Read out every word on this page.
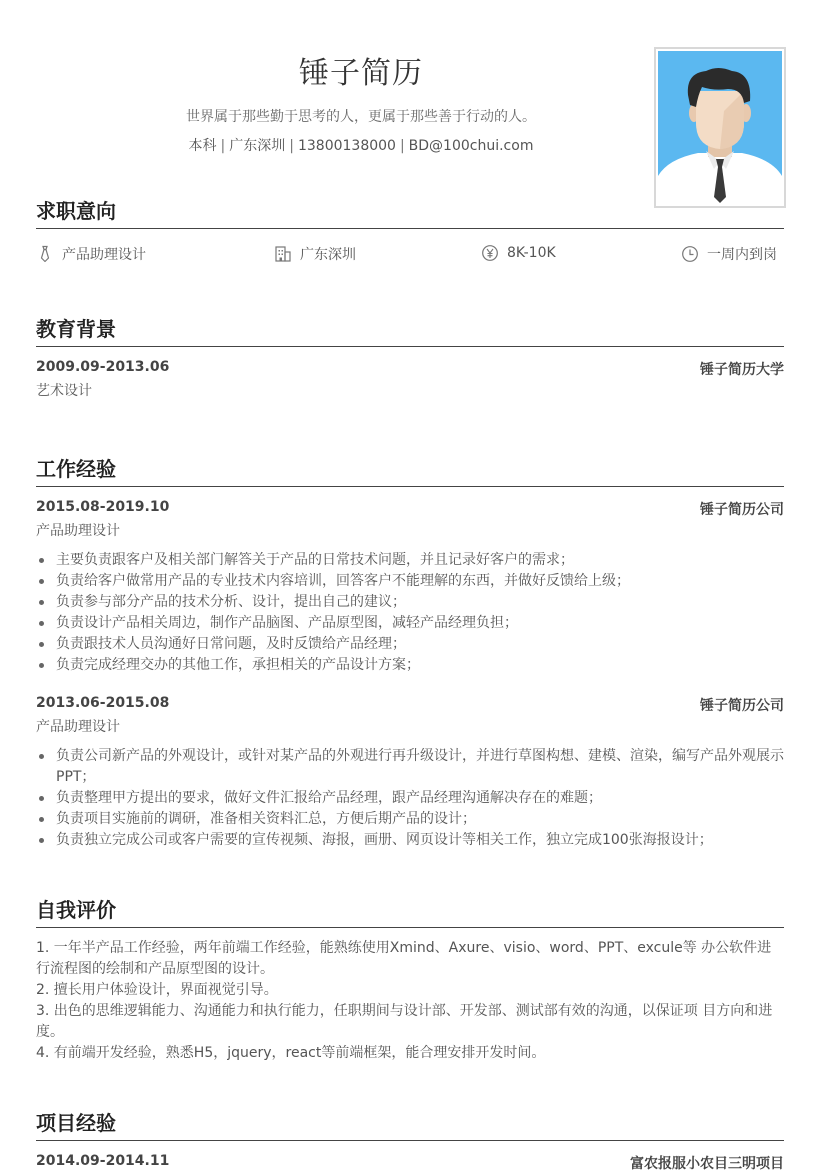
锤子简历
世界属于那些勤于思考的人，更属于那些善于行动的人。
本科 | 广东深圳 | 13800138000 | BD@100chui.com
求职意向
产品助理设计	广东深圳	8K-10K	一周内到岗
教育背景
2009.09-2013.06	锤子简历大学
艺术设计
工作经验
2015.08-2019.10	锤子简历公司
产品助理设计
主要负责跟客户及相关部门解答关于产品的日常技术问题，并且记录好客户的需求；
负责给客户做常用产品的专业技术内容培训，回答客户不能理解的东西，并做好反馈给上级；
负责参与部分产品的技术分析、设计，提出自己的建议；
负责设计产品相关周边，制作产品脑图、产品原型图，减轻产品经理负担；
负责跟技术人员沟通好日常问题，及时反馈给产品经理；
负责完成经理交办的其他工作，承担相关的产品设计方案；
2013.06-2015.08	锤子简历公司
产品助理设计
负责公司新产品的外观设计，或针对某产品的外观进行再升级设计，并进行草图构想、建模、渲染，编写产品外观展示PPT；
负责整理甲方提出的要求，做好文件汇报给产品经理，跟产品经理沟通解决存在的难题；
负责项目实施前的调研，准备相关资料汇总，方便后期产品的设计；
负责独立完成公司或客户需要的宣传视频、海报，画册、网页设计等相关工作，独立完成100张海报设计；
自我评价
1. 一年半产品工作经验，两年前端工作经验，能熟练使用Xmind、Axure、visio、word、PPT、excule等 办公软件进行流程图的绘制和产品原型图的设计。
2. 擅长用户体验设计，界面视觉引导。
3. 出色的思维逻辑能力、沟通能力和执行能力，任职期间与设计部、开发部、测试部有效的沟通，以保证项 目方向和进度。
4. 有前端开发经验，熟悉H5，jquery，react等前端框架，能合理安排开发时间。
项目经验
2014.09-2014.11	富农报服小农目三明项目
